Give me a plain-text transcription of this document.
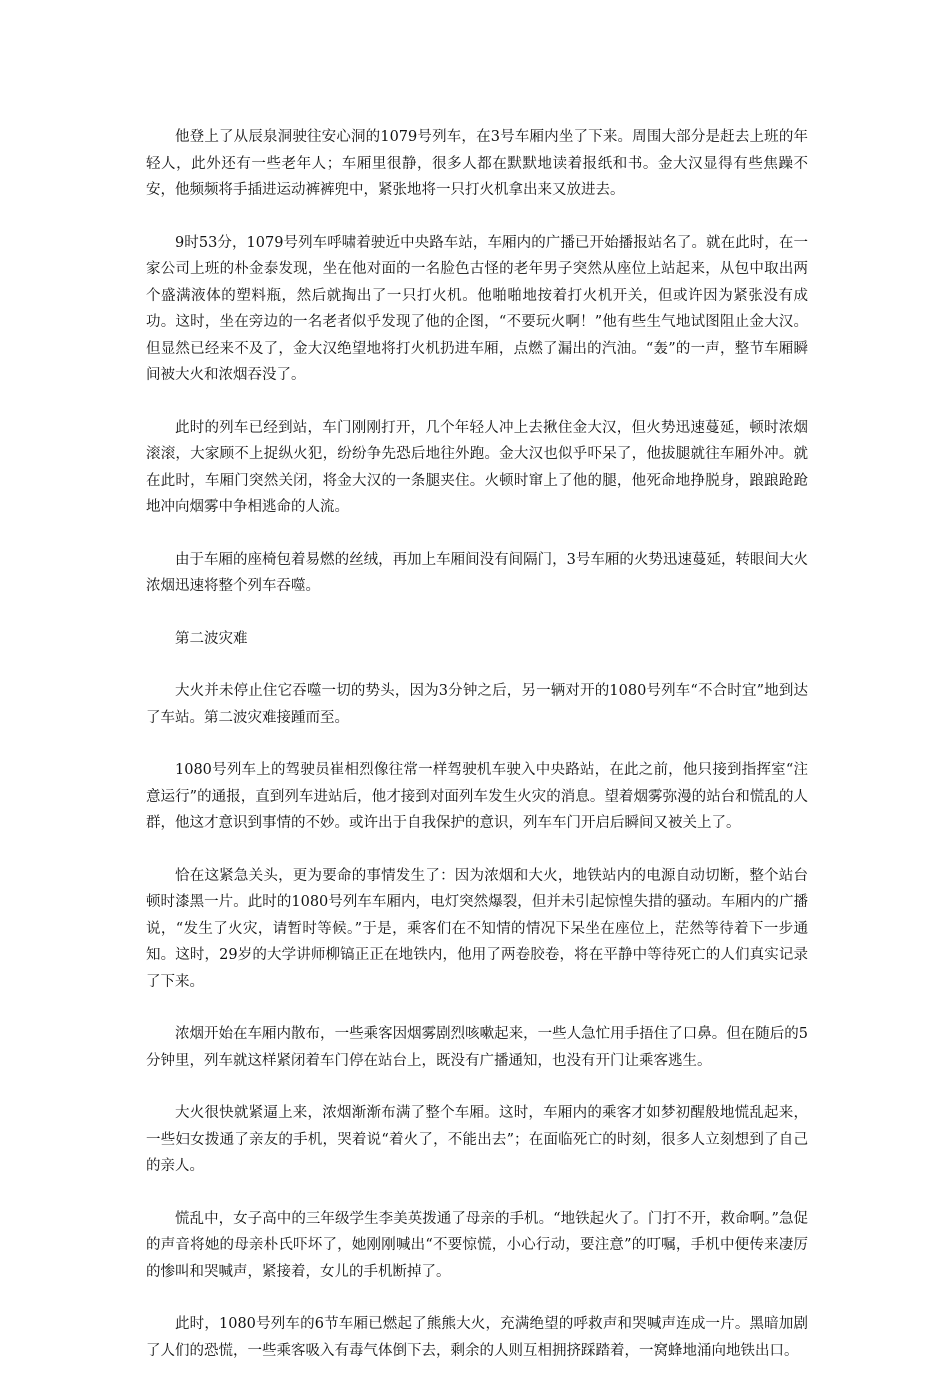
他登上了从辰泉洞驶往安心洞的1079号列车，在3号车厢内坐了下来。周围大部分是赶去上班的年轻人，此外还有一些老年人；车厢里很静，很多人都在默默地读着报纸和书。金大汉显得有些焦躁不安，他频频将手插进运动裤裤兜中，紧张地将一只打火机拿出来又放进去。

9时53分，1079号列车呼啸着驶近中央路车站，车厢内的广播已开始播报站名了。就在此时，在一家公司上班的朴金泰发现，坐在他对面的一名脸色古怪的老年男子突然从座位上站起来，从包中取出两个盛满液体的塑料瓶，然后就掏出了一只打火机。他啪啪地按着打火机开关，但或许因为紧张没有成功。这时，坐在旁边的一名老者似乎发现了他的企图，“不要玩火啊！”他有些生气地试图阻止金大汉。但显然已经来不及了，金大汉绝望地将打火机扔进车厢，点燃了漏出的汽油。“轰”的一声，整节车厢瞬间被大火和浓烟吞没了。

此时的列车已经到站，车门刚刚打开，几个年轻人冲上去揪住金大汉，但火势迅速蔓延，顿时浓烟滚滚，大家顾不上捉纵火犯，纷纷争先恐后地往外跑。金大汉也似乎吓呆了，他拔腿就往车厢外冲。就在此时，车厢门突然关闭，将金大汉的一条腿夹住。火顿时窜上了他的腿，他死命地挣脱身，踉踉跄跄地冲向烟雾中争相逃命的人流。

由于车厢的座椅包着易燃的丝绒，再加上车厢间没有间隔门，3号车厢的火势迅速蔓延，转眼间大火浓烟迅速将整个列车吞噬。

第二波灾难

大火并未停止住它吞噬一切的势头，因为3分钟之后，另一辆对开的1080号列车“不合时宜”地到达了车站。第二波灾难接踵而至。

1080号列车上的驾驶员崔相烈像往常一样驾驶机车驶入中央路站，在此之前，他只接到指挥室“注意运行”的通报，直到列车进站后，他才接到对面列车发生火灾的消息。望着烟雾弥漫的站台和慌乱的人群，他这才意识到事情的不妙。或许出于自我保护的意识，列车车门开启后瞬间又被关上了。

恰在这紧急关头，更为要命的事情发生了：因为浓烟和大火，地铁站内的电源自动切断，整个站台顿时漆黑一片。此时的1080号列车车厢内，电灯突然爆裂，但并未引起惊惶失措的骚动。车厢内的广播说，“发生了火灾，请暂时等候。”于是，乘客们在不知情的情况下呆坐在座位上，茫然等待着下一步通知。这时，29岁的大学讲师柳镐正正在地铁内，他用了两卷胶卷，将在平静中等待死亡的人们真实记录了下来。

浓烟开始在车厢内散布，一些乘客因烟雾剧烈咳嗽起来，一些人急忙用手捂住了口鼻。但在随后的5分钟里，列车就这样紧闭着车门停在站台上，既没有广播通知，也没有开门让乘客逃生。

大火很快就紧逼上来，浓烟渐渐布满了整个车厢。这时，车厢内的乘客才如梦初醒般地慌乱起来，一些妇女拨通了亲友的手机，哭着说“着火了，不能出去”；在面临死亡的时刻，很多人立刻想到了自己的亲人。

慌乱中，女子高中的三年级学生李美英拨通了母亲的手机。“地铁起火了。门打不开，救命啊。”急促的声音将她的母亲朴氏吓坏了，她刚刚喊出“不要惊慌，小心行动，要注意”的叮嘱，手机中便传来凄厉的惨叫和哭喊声，紧接着，女儿的手机断掉了。

此时，1080号列车的6节车厢已燃起了熊熊大火，充满绝望的呼救声和哭喊声连成一片。黑暗加剧了人们的恐慌，一些乘客吸入有毒气体倒下去，剩余的人则互相拥挤踩踏着，一窝蜂地涌向地铁出口。
